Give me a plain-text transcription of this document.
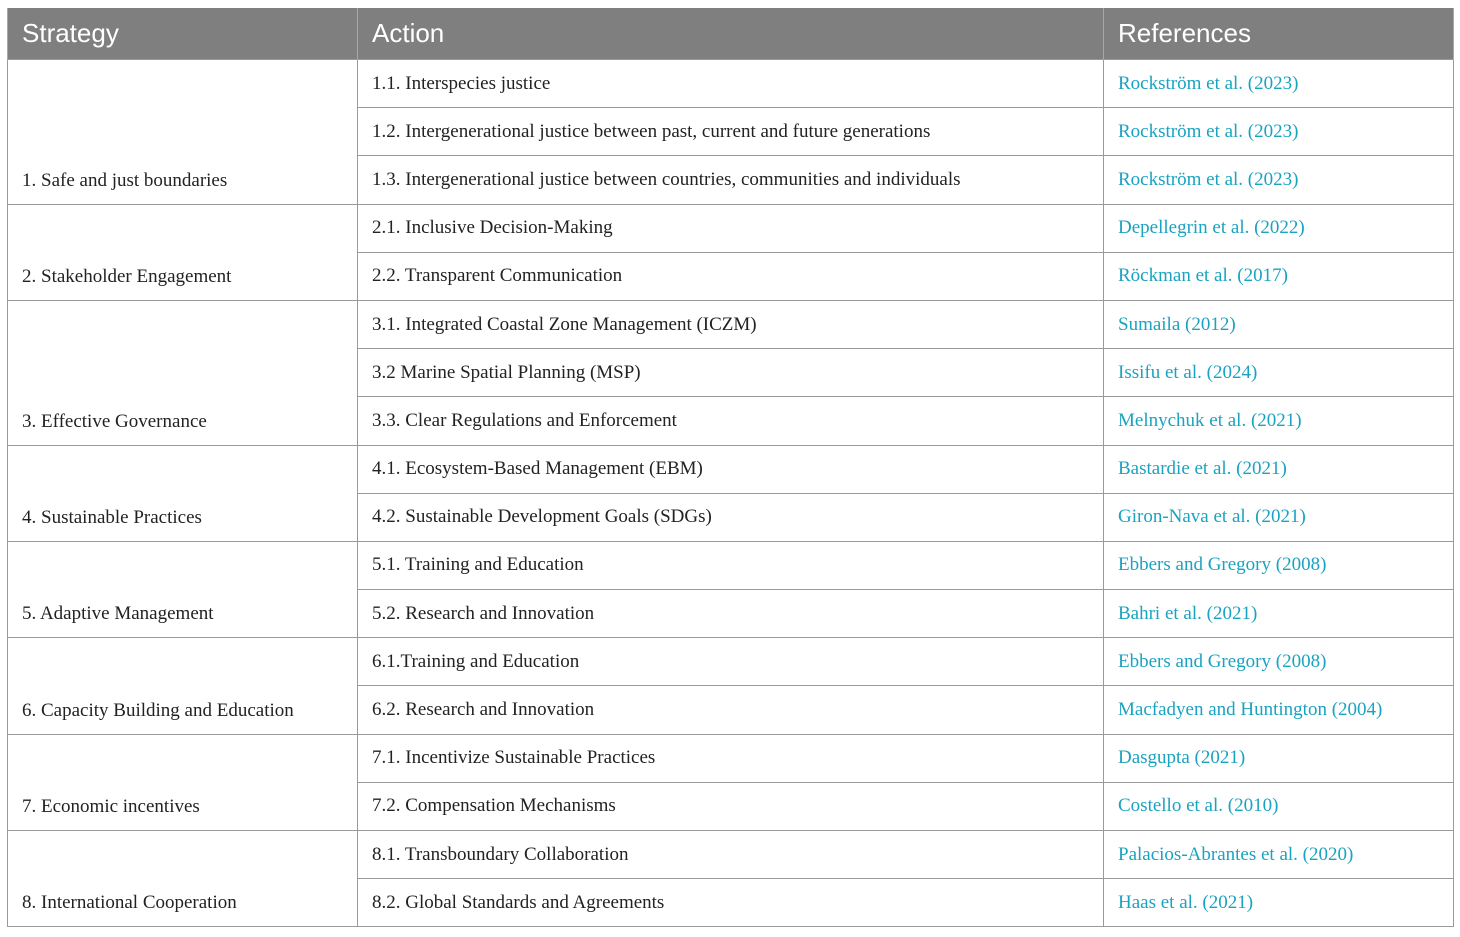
Strategy	Action	References
1. Safe and just boundaries	1.1. Interspecies justice	Rockström et al. (2023)
	1.2. Intergenerational justice between past, current and future generations	Rockström et al. (2023)
	1.3. Intergenerational justice between countries, communities and individuals	Rockström et al. (2023)
2. Stakeholder Engagement	2.1. Inclusive Decision-Making	Depellegrin et al. (2022)
	2.2. Transparent Communication	Röckman et al. (2017)
3. Effective Governance	3.1. Integrated Coastal Zone Management (ICZM)	Sumaila (2012)
	3.2 Marine Spatial Planning (MSP)	Issifu et al. (2024)
	3.3. Clear Regulations and Enforcement	Melnychuk et al. (2021)
4. Sustainable Practices	4.1. Ecosystem-Based Management (EBM)	Bastardie et al. (2021)
	4.2. Sustainable Development Goals (SDGs)	Giron-Nava et al. (2021)
5. Adaptive Management	5.1. Training and Education	Ebbers and Gregory (2008)
	5.2. Research and Innovation	Bahri et al. (2021)
6. Capacity Building and Education	6.1.Training and Education	Ebbers and Gregory (2008)
	6.2. Research and Innovation	Macfadyen and Huntington (2004)
7. Economic incentives	7.1. Incentivize Sustainable Practices	Dasgupta (2021)
	7.2. Compensation Mechanisms	Costello et al. (2010)
8. International Cooperation	8.1. Transboundary Collaboration	Palacios-Abrantes et al. (2020)
	8.2. Global Standards and Agreements	Haas et al. (2021)
